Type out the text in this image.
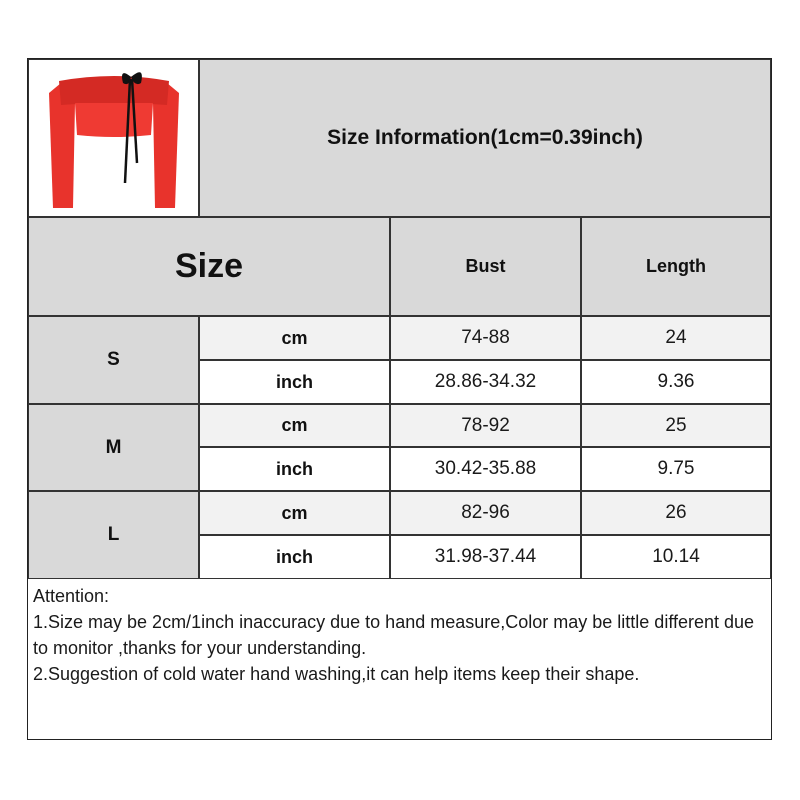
Size Information(1cm=0.39inch)
Size	Bust	Length
S
cm	74-88	24
inch	28.86-34.32	9.36
M
cm	78-92	25
inch	30.42-35.88	9.75
L
cm	82-96	26
inch	31.98-37.44	10.14

Attention:

1.Size may be 2cm/1inch inaccuracy due to hand measure,Color may be little different due to monitor ,thanks for your understanding.

2.Suggestion of cold water hand washing,it can help items keep their shape.
